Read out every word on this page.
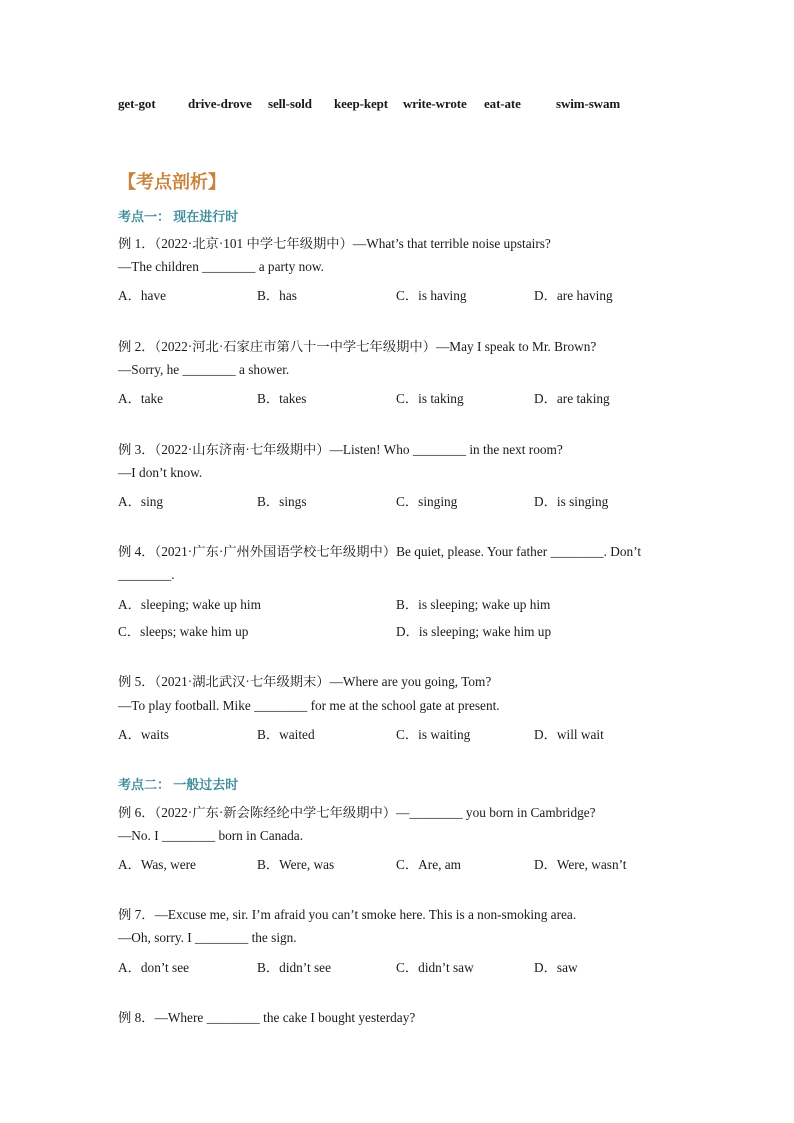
get-got drive-drove sell-sold keep-kept write-wrote eat-ate	swim-swam
【考点剖析】
考点一： 现在进行时
例 1．（2022·北京·101 中学七年级期中）—What’s that terrible noise upstairs?
—The children ________ a party now.
A．have	B．has	C．is having	D．are having
例 2．（2022·河北·石家庄市第八十一中学七年级期中）—May I speak to Mr. Brown?
—Sorry, he ________ a shower.
A．take	B．takes	C．is taking	D．are taking
例 3．（2022·山东济南·七年级期中）—Listen! Who ________ in the next room?
—I don’t know.
A．sing	B．sings	C．singing	D．is singing
例 4．（2021·广东·广州外国语学校七年级期中）Be quiet, please. Your father ________. Don’t
________.
A．sleeping; wake up him	B．is sleeping; wake up him
C．sleeps; wake him up	D．is sleeping; wake him up
例 5．（2021·湖北武汉·七年级期末）—Where are you going, Tom?
—To play football. Mike ________ for me at the school gate at present.
A．waits	B．waited	C．is waiting	D．will wait
考点二： 一般过去时
例 6．（2022·广东·新会陈经纶中学七年级期中）—________ you born in Cambridge?
—No. I ________ born in Canada.
A．Was, were	B．Were, was	C．Are, am	D．Were, wasn’t
例 7．—Excuse me, sir. I’m afraid you can’t smoke here. This is a non-smoking area.
—Oh, sorry. I ________ the sign.
A．don’t see	B．didn’t see	C．didn’t saw	D．saw
例 8．—Where ________ the cake I bought yesterday?
